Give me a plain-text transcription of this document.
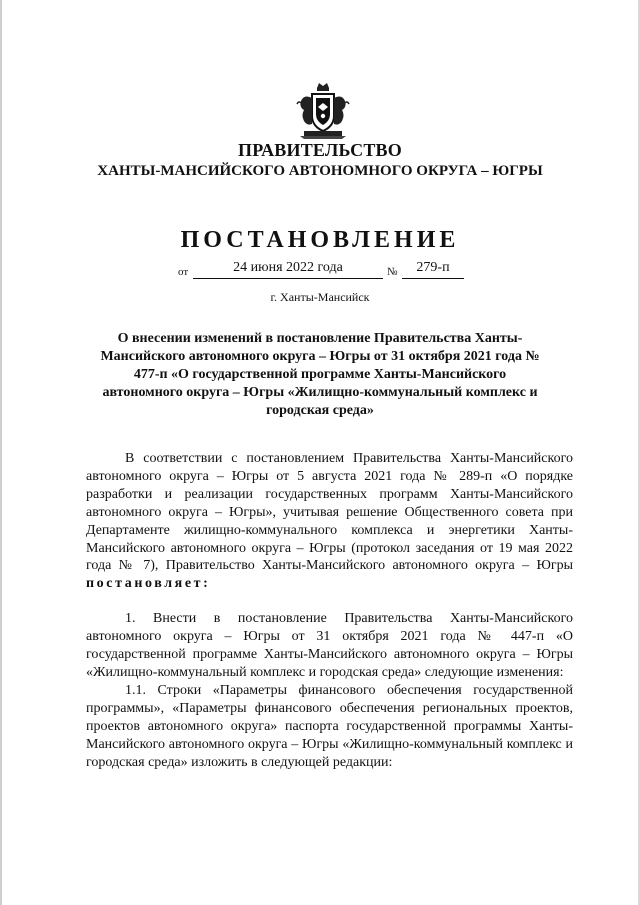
ПРАВИТЕЛЬСТВО
ХАНТЫ-МАНСИЙСКОГО АВТОНОМНОГО ОКРУГА – ЮГРЫ
ПОСТАНОВЛЕНИЕ
от	24 июня 2022 года	№	279-п
г. Ханты-Мансийск
О внесении изменений в постановление Правительства Ханты-Мансийского автономного округа – Югры от 31 октября 2021 года № 477-п «О государственной программе Ханты-Мансийского автономного округа – Югры «Жилищно-коммунальный комплекс и городская среда»

В соответствии с постановлением Правительства Ханты-Мансийского автономного округа – Югры от 5 августа 2021 года № 289-п «О порядке разработки и реализации государственных программ Ханты-Мансийского автономного округа – Югры», учитывая решение Общественного совета при Департаменте жилищно-коммунального комплекса и энергетики Ханты-Мансийского автономного округа – Югры (протокол заседания от 19 мая 2022 года № 7), Правительство Ханты-Мансийского автономного округа – Югры постановляет:

1. Внести в постановление Правительства Ханты-Мансийского автономного округа – Югры от 31 октября 2021 года № 447-п «О государственной программе Ханты-Мансийского автономного округа – Югры «Жилищно-коммунальный комплекс и городская среда» следующие изменения:

1.1. Строки «Параметры финансового обеспечения государственной программы», «Параметры финансового обеспечения региональных проектов, проектов автономного округа» паспорта государственной программы Ханты-Мансийского автономного округа – Югры «Жилищно-коммунальный комплекс и городская среда» изложить в следующей редакции:
